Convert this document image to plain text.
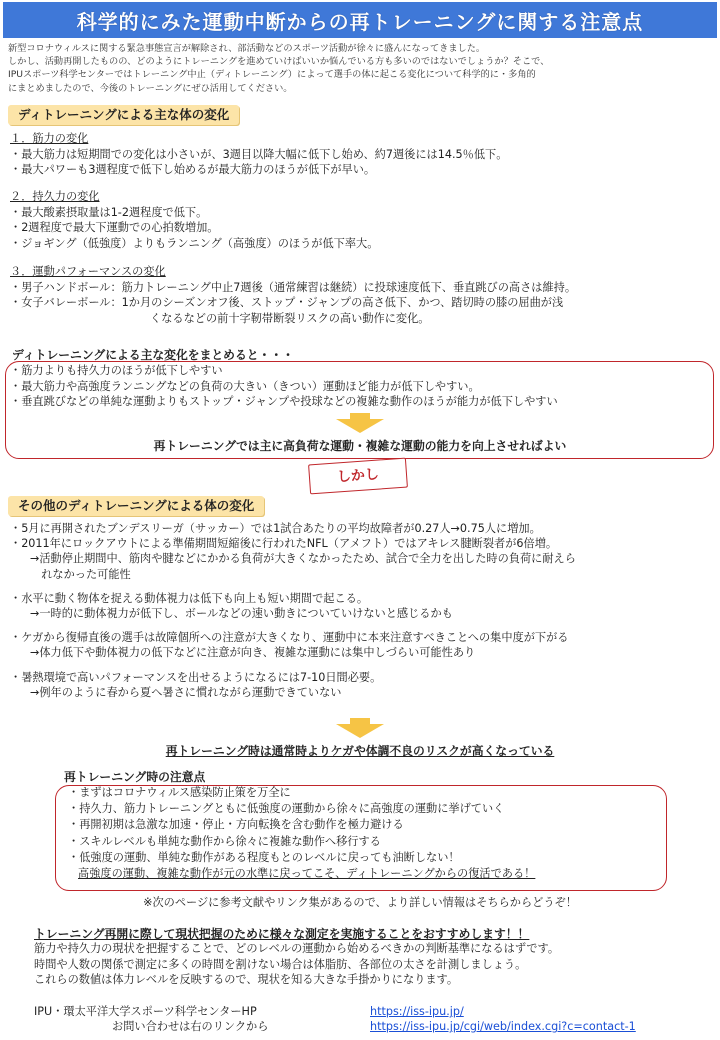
科学的にみた運動中断からの再トレーニングに関する注意点
新型コロナウィルスに関する緊急事態宣言が解除され、部活動などのスポーツ活動が徐々に盛んになってきました。
しかし、活動再開したものの、どのようにトレーニングを進めていけばいいか悩んでいる方も多いのではないでしょうか？そこで、
IPUスポーツ科学センターではトレーニング中止（ディトレーニング）によって選手の体に起こる変化について科学的に・多角的
にまとめましたので、今後のトレーニングにぜひ活用してください。
ディトレーニングによる主な体の変化
１．筋力の変化
・最大筋力は短期間での変化は小さいが、3週目以降大幅に低下し始め、約7週後には14.5％低下。
・最大パワーも3週程度で低下し始めるが最大筋力のほうが低下が早い。
２．持久力の変化
・最大酸素摂取量は1-2週程度で低下。
・2週程度で最大下運動での心拍数増加。
・ジョギング（低強度）よりもランニング（高強度）のほうが低下率大。
３．運動パフォーマンスの変化
・男子ハンドボール：筋力トレーニング中止7週後（通常練習は継続）に投球速度低下、垂直跳びの高さは維持。
・女子バレーボール：1か月のシーズンオフ後、ストップ・ジャンプの高さ低下、かつ、踏切時の膝の屈曲が浅
くなるなどの前十字靭帯断裂リスクの高い動作に変化。
ディトレーニングによる主な変化をまとめると・・・
・筋力よりも持久力のほうが低下しやすい
・最大筋力や高強度ランニングなどの負荷の大きい（きつい）運動ほど能力が低下しやすい。
・垂直跳びなどの単純な運動よりもストップ・ジャンプや投球などの複雑な動作のほうが能力が低下しやすい
再トレーニングでは主に高負荷な運動・複雑な運動の能力を向上させればよい
しかし
その他のディトレーニングによる体の変化
・5月に再開されたブンデスリーガ（サッカー）では1試合あたりの平均故障者が0.27人→0.75人に増加。
・2011年にロックアウトによる準備期間短縮後に行われたNFL（アメフト）ではアキレス腱断裂者が6倍増。
→活動停止期間中、筋肉や腱などにかかる負荷が大きくなかったため、試合で全力を出した時の負荷に耐えら
　れなかった可能性
・水平に動く物体を捉える動体視力は低下も向上も短い期間で起こる。
→一時的に動体視力が低下し、ボールなどの速い動きについていけないと感じるかも
・ケガから復帰直後の選手は故障個所への注意が大きくなり、運動中に本来注意すべきことへの集中度が下がる
→体力低下や動体視力の低下などに注意が向き、複雑な運動には集中しづらい可能性あり
・暑熱環境で高いパフォーマンスを出せるようになるには7-10日間必要。
→例年のように春から夏へ暑さに慣れながら運動できていない
再トレーニング時は通常時よりケガや体調不良のリスクが高くなっている
再トレーニング時の注意点
・まずはコロナウィルス感染防止策を万全に
・持久力、筋力トレーニングともに低強度の運動から徐々に高強度の運動に挙げていく
・再開初期は急激な加速・停止・方向転換を含む動作を極力避ける
・スキルレベルも単純な動作から徐々に複雑な動作へ移行する
・低強度の運動、単純な動作がある程度もとのレベルに戻っても油断しない！
高強度の運動、複雑な動作が元の水準に戻ってこそ、ディトレーニングからの復活である！
※次のページに参考文献やリンク集があるので、より詳しい情報はそちらからどうぞ！
トレーニング再開に際して現状把握のために様々な測定を実施することをおすすめします！！
筋力や持久力の現状を把握することで、どのレベルの運動から始めるべきかの判断基準になるはずです。
時間や人数の関係で測定に多くの時間を割けない場合は体脂肪、各部位の太さを計測しましょう。
これらの数値は体力レベルを反映するので、現状を知る大きな手掛かりになります。
IPU・環太平洋大学スポーツ科学センターHP
お問い合わせは右のリンクから
https://iss-ipu.jp/
https://iss-ipu.jp/cgi/web/index.cgi?c=contact-1
